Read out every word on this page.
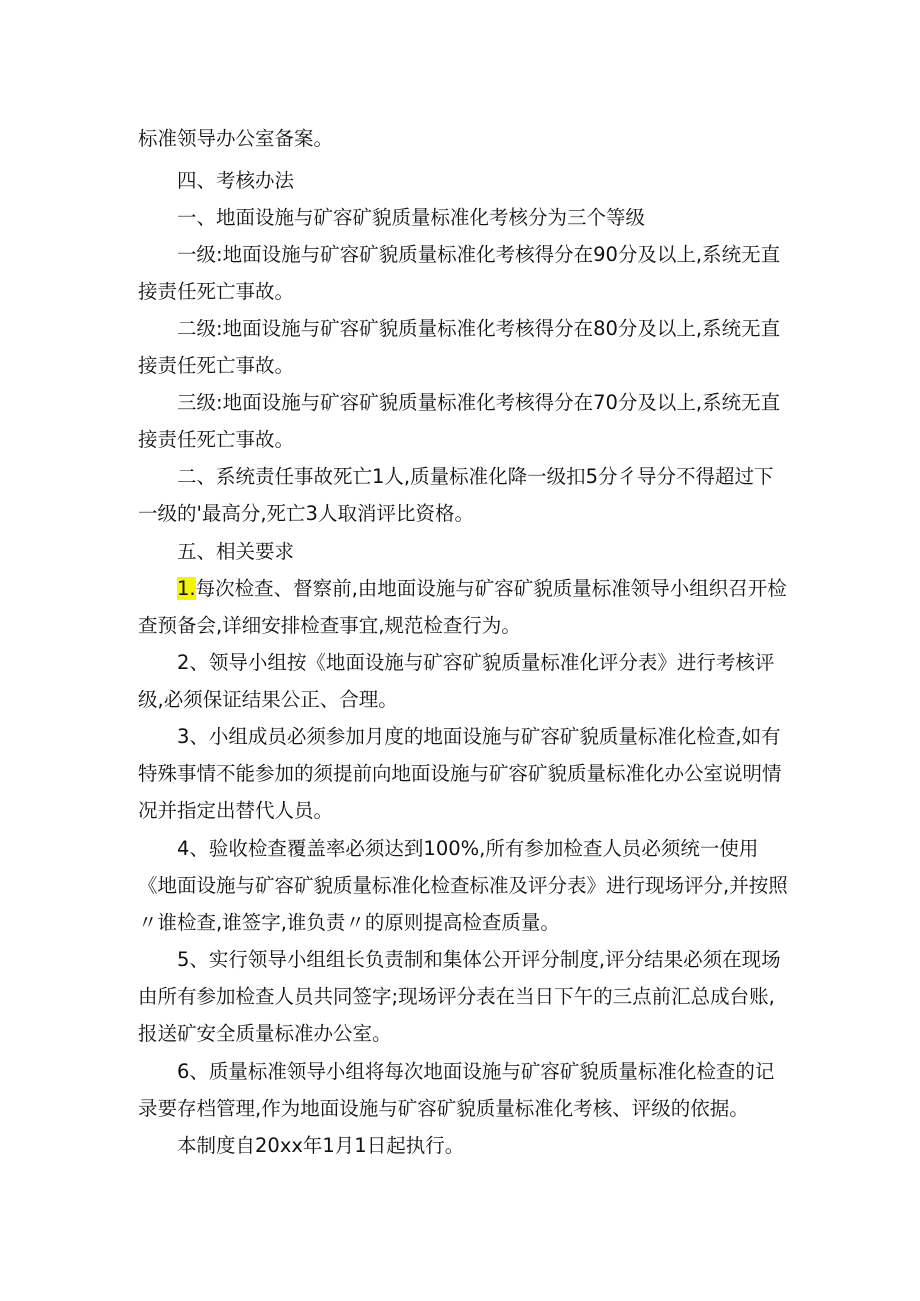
标准领导办公室备案。

四、考核办法

一、地面设施与矿容矿貌质量标准化考核分为三个等级

一级:地面设施与矿容矿貌质量标准化考核得分在90分及以上,系统无直接责任死亡事故。

二级:地面设施与矿容矿貌质量标准化考核得分在80分及以上,系统无直接责任死亡事故。

三级:地面设施与矿容矿貌质量标准化考核得分在70分及以上,系统无直接责任死亡事故。

二、系统责任事故死亡1人,质量标准化降一级扣5分彳导分不得超过下一级的'最高分,死亡3人取消评比资格。

五、相关要求

1.每次检查、督察前,由地面设施与矿容矿貌质量标准领导小组织召开检查预备会,详细安排检查事宜,规范检查行为。

2、领导小组按《地面设施与矿容矿貌质量标准化评分表》进行考核评级,必须保证结果公正、合理。

3、小组成员必须参加月度的地面设施与矿容矿貌质量标准化检查,如有特殊事情不能参加的须提前向地面设施与矿容矿貌质量标准化办公室说明情况并指定出替代人员。

4、验收检查覆盖率必须达到100%,所有参加检查人员必须统一使用《地面设施与矿容矿貌质量标准化检查标准及评分表》进行现场评分,并按照〃谁检查,谁签字,谁负责〃的原则提高检查质量。

5、实行领导小组组长负责制和集体公开评分制度,评分结果必须在现场由所有参加检查人员共同签字;现场评分表在当日下午的三点前汇总成台账,报送矿安全质量标准办公室。

6、质量标准领导小组将每次地面设施与矿容矿貌质量标准化检查的记录要存档管理,作为地面设施与矿容矿貌质量标准化考核、评级的依据。

本制度自20xx年1月1日起执行。
